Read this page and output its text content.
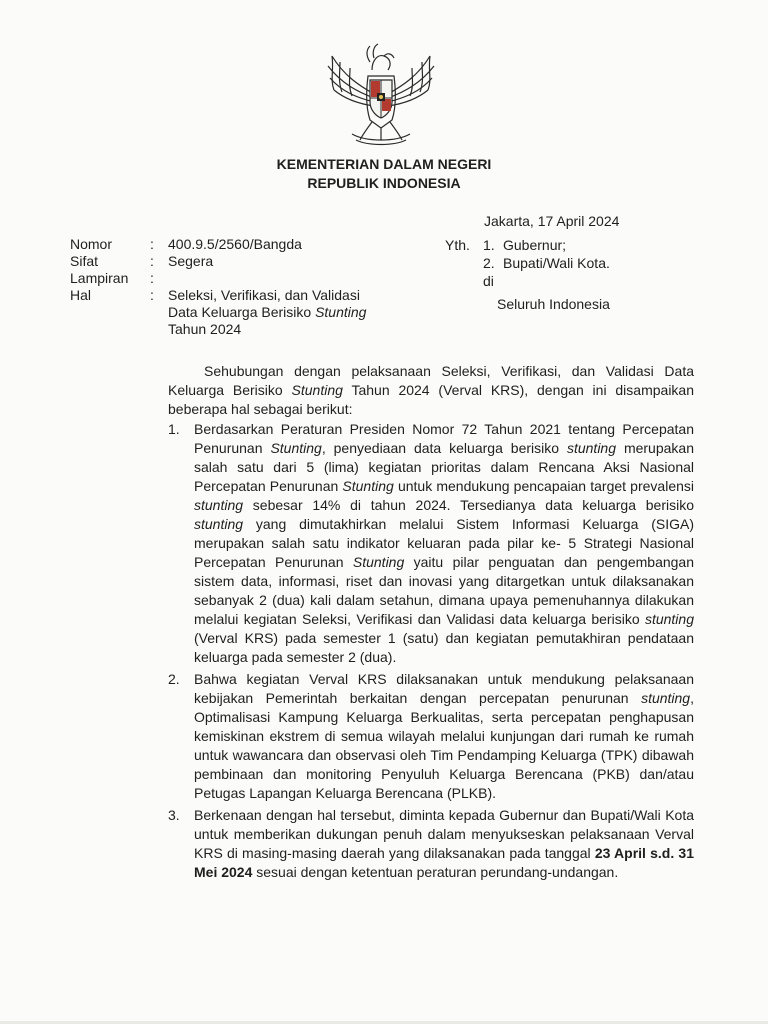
KEMENTERIAN DALAM NEGERI
REPUBLIK INDONESIA
Jakarta, 17 April 2024
Nomor	:	400.9.5/2560/Bangda
Sifat	:	Segera
Lampiran	:
Hal	:	Seleksi, Verifikasi, dan Validasi
Data Keluarga Berisiko Stunting
Tahun 2024
Yth. 1. Gubernur;
2. Bupati/Wali Kota.
di
Seluruh Indonesia

Sehubungan dengan pelaksanaan Seleksi, Verifikasi, dan Validasi Data Keluarga Berisiko Stunting Tahun 2024 (Verval KRS), dengan ini disampaikan beberapa hal sebagai berikut:

1.	Berdasarkan Peraturan Presiden Nomor 72 Tahun 2021 tentang Percepatan Penurunan Stunting, penyediaan data keluarga berisiko stunting merupakan salah satu dari 5 (lima) kegiatan prioritas dalam Rencana Aksi Nasional Percepatan Penurunan Stunting untuk mendukung pencapaian target prevalensi stunting sebesar 14% di tahun 2024. Tersedianya data keluarga berisiko stunting yang dimutakhirkan melalui Sistem Informasi Keluarga (SIGA) merupakan salah satu indikator keluaran pada pilar ke- 5 Strategi Nasional Percepatan Penurunan Stunting yaitu pilar penguatan dan pengembangan sistem data, informasi, riset dan inovasi yang ditargetkan untuk dilaksanakan sebanyak 2 (dua) kali dalam setahun, dimana upaya pemenuhannya dilakukan melalui kegiatan Seleksi, Verifikasi dan Validasi data keluarga berisiko stunting (Verval KRS) pada semester 1 (satu) dan kegiatan pemutakhiran pendataan keluarga pada semester 2 (dua).

2.	Bahwa kegiatan Verval KRS dilaksanakan untuk mendukung pelaksanaan kebijakan Pemerintah berkaitan dengan percepatan penurunan stunting, Optimalisasi Kampung Keluarga Berkualitas, serta percepatan penghapusan kemiskinan ekstrem di semua wilayah melalui kunjungan dari rumah ke rumah untuk wawancara dan observasi oleh Tim Pendamping Keluarga (TPK) dibawah pembinaan dan monitoring Penyuluh Keluarga Berencana (PKB) dan/atau Petugas Lapangan Keluarga Berencana (PLKB).

3.	Berkenaan dengan hal tersebut, diminta kepada Gubernur dan Bupati/Wali Kota untuk memberikan dukungan penuh dalam menyukseskan pelaksanaan Verval KRS di masing-masing daerah yang dilaksanakan pada tanggal 23 April s.d. 31 Mei 2024 sesuai dengan ketentuan peraturan perundang-undangan.
